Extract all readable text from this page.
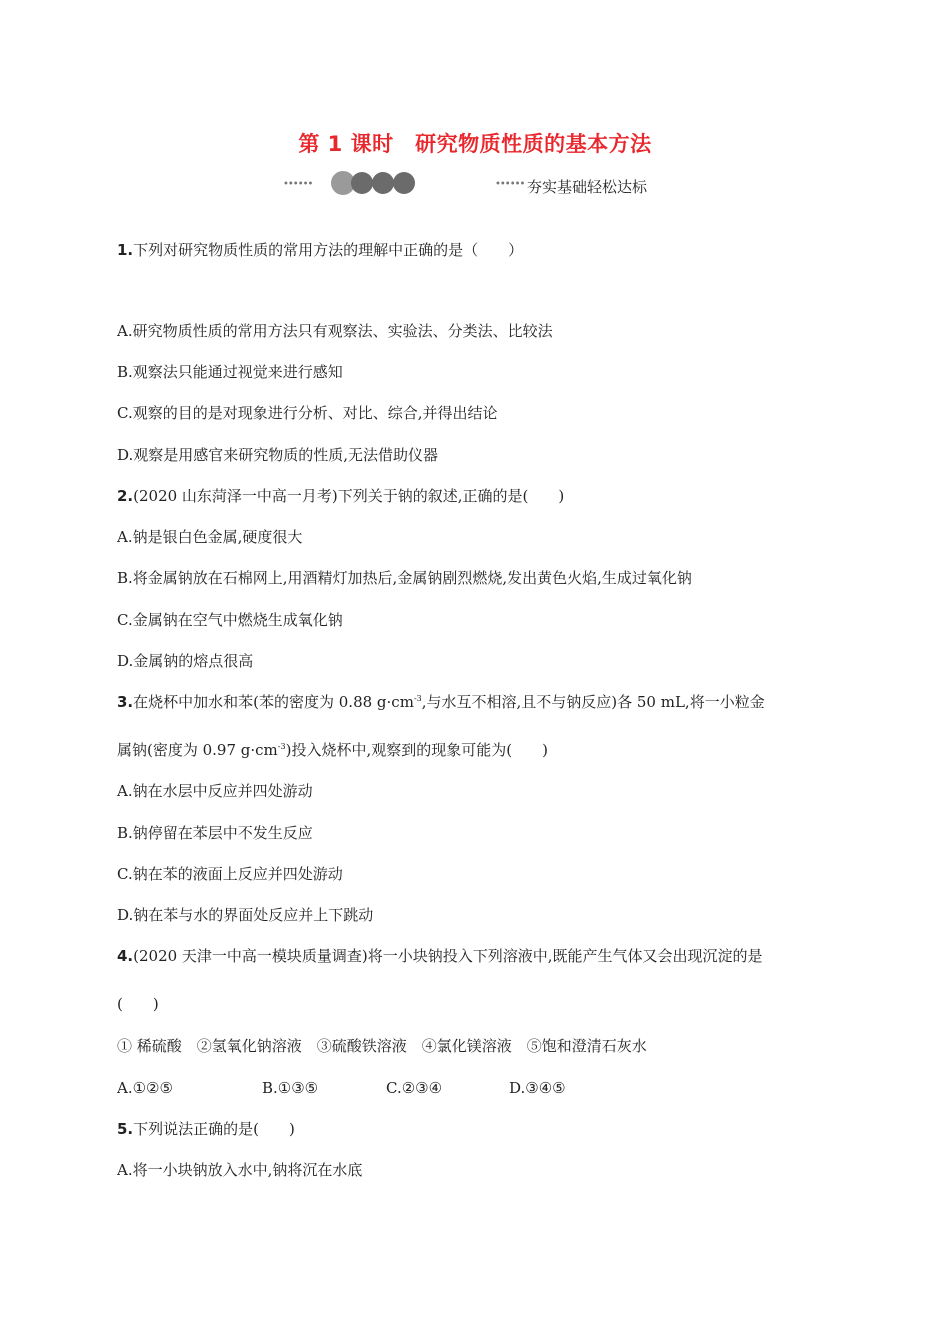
第 1 课时　研究物质性质的基本方法
••••••	•••••• 夯实基础轻松达标
1.下列对研究物质性质的常用方法的理解中正确的是（　　）
A.研究物质性质的常用方法只有观察法、实验法、分类法、比较法
B.观察法只能通过视觉来进行感知
C.观察的目的是对现象进行分析、对比、综合,并得出结论
D.观察是用感官来研究物质的性质,无法借助仪器
2.(2020 山东菏泽一中高一月考)下列关于钠的叙述,正确的是(　　)
A.钠是银白色金属,硬度很大
B.将金属钠放在石棉网上,用酒精灯加热后,金属钠剧烈燃烧,发出黄色火焰,生成过氧化钠
C.金属钠在空气中燃烧生成氧化钠
D.金属钠的熔点很高
3.在烧杯中加水和苯(苯的密度为 0.88 $g\cdot cm^{-3}$,与水互不相溶,且不与钠反应)各 50 mL,将一小粒金
属钠(密度为 0.97 $g\cdot cm^{-3}$)投入烧杯中,观察到的现象可能为(　　)
A.钠在水层中反应并四处游动
B.钠停留在苯层中不发生反应
C.钠在苯的液面上反应并四处游动
D.钠在苯与水的界面处反应并上下跳动
4.(2020 天津一中高一模块质量调查)将一小块钠投入下列溶液中,既能产生气体又会出现沉淀的是
(　　)
① 稀硫酸　②氢氧化钠溶液　③硫酸铁溶液　④氯化镁溶液　⑤饱和澄清石灰水
A.①②⑤	B.①③⑤	C.②③④	D.③④⑤
5.下列说法正确的是(　　)
A.将一小块钠放入水中,钠将沉在水底
